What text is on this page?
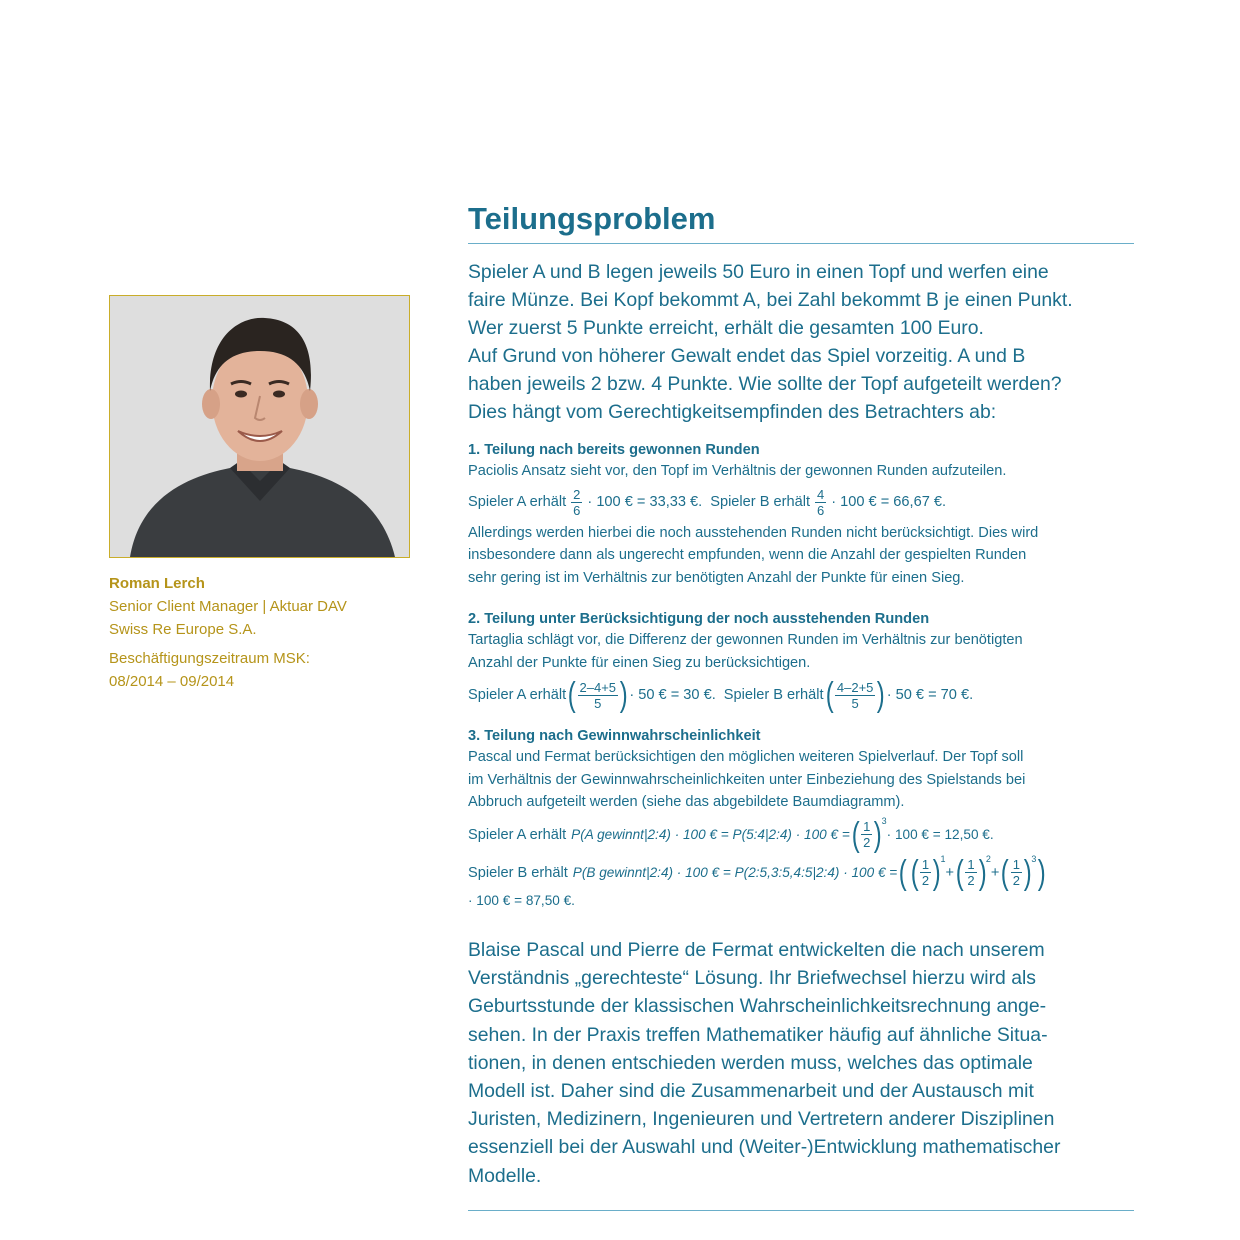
Roman Lerch
Senior Client Manager | Aktuar DAV
Swiss Re Europe S.A.
Beschäftigungszeitraum MSK:
08/2014 – 09/2014
Teilungsproblem
Spieler A und B legen jeweils 50 Euro in einen Topf und werfen eine
faire Münze. Bei Kopf bekommt A, bei Zahl bekommt B je einen Punkt.
Wer zuerst 5 Punkte erreicht, erhält die gesamten 100 Euro.
Auf Grund von höherer Gewalt endet das Spiel vorzeitig. A und B
haben jeweils 2 bzw. 4 Punkte. Wie sollte der Topf aufgeteilt werden?
Dies hängt vom Gerechtigkeitsempfinden des Betrachters ab:
1. Teilung nach bereits gewonnen Runden
Paciolis Ansatz sieht vor, den Topf im Verhältnis der gewonnen Runden aufzuteilen.
Spieler A erhält $\frac{2}{6} \cdot 100$ € = 33,33 €. Spieler B erhält $\frac{4}{6} \cdot 100$ € = 66,67 €.
Allerdings werden hierbei die noch ausstehenden Runden nicht berücksichtigt. Dies wird
insbesondere dann als ungerecht empfunden, wenn die Anzahl der gespielten Runden
sehr gering ist im Verhältnis zur benötigten Anzahl der Punkte für einen Sieg.
2. Teilung unter Berücksichtigung der noch ausstehenden Runden
Tartaglia schlägt vor, die Differenz der gewonnen Runden im Verhältnis zur benötigten
Anzahl der Punkte für einen Sieg zu berücksichtigen.
Spieler A erhält ( $\frac{2-4+5}{5}$ ) · 50 € = 30 €. Spieler B erhält ( $\frac{4-2+5}{5}$ ) · 50 € = 70 €.
3. Teilung nach Gewinnwahrscheinlichkeit
Pascal und Fermat berücksichtigen den möglichen weiteren Spielverlauf. Der Topf soll
im Verhältnis der Gewinnwahrscheinlichkeiten unter Einbeziehung des Spielstands bei
Abbruch aufgeteilt werden (siehe das abgebildete Baumdiagramm).
Spieler A erhält P(A gewinnt|2:4) · 100 € = P(5:4|2:4) · 100 € = ( $\frac{1}{2}$ ) 3
· 100 € = 12,50 €.
Spieler B erhält P(B gewinnt|2:4) · 100 € = P(2:5,3:5,4:5|2:4) · 100 € = ( ( $\frac{1}{2}$ ) 1
+ ( $\frac{1}{2}$ ) 2
+ ( $\frac{1}{2}$ ) 3 )
· 100 € = 87,50 €.
Blaise Pascal und Pierre de Fermat entwickelten die nach unserem
Verständnis „gerechteste“ Lösung. Ihr Briefwechsel hierzu wird als
Geburtsstunde der klassischen Wahrscheinlichkeitsrechnung ange-
sehen. In der Praxis treffen Mathematiker häufig auf ähnliche Situa-
tionen, in denen entschieden werden muss, welches das optimale
Modell ist. Daher sind die Zusammenarbeit und der Austausch mit
Juristen, Medizinern, Ingenieuren und Vertretern anderer Disziplinen
essenziell bei der Auswahl und (Weiter-)Entwicklung mathematischer
Modelle.
